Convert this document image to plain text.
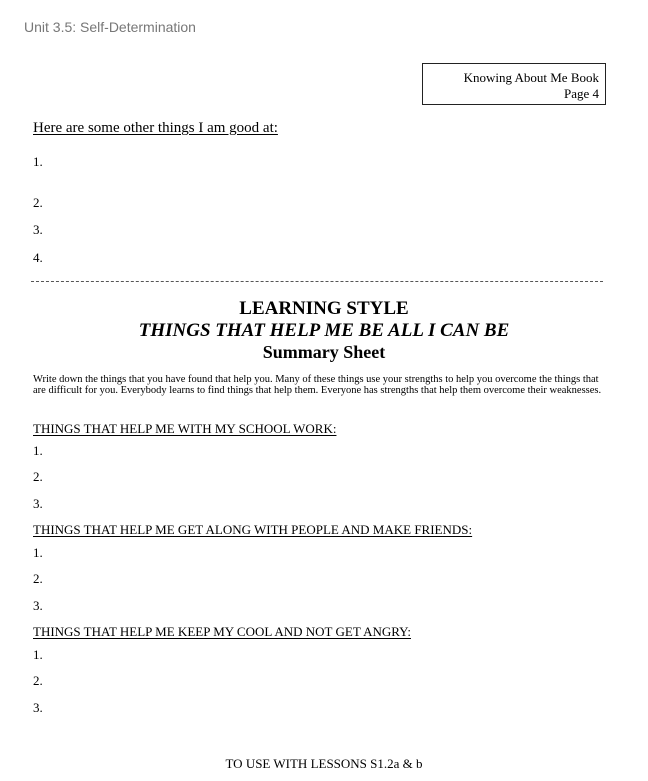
Unit 3.5: Self-Determination
Knowing About Me Book
Page 4
Here are some other things I am good at:
1.
2.
3.
4.
LEARNING STYLE
THINGS THAT HELP ME BE ALL I CAN BE
Summary Sheet
Write down the things that you have found that help you. Many of these things use your strengths to help you overcome the things that are difficult for you. Everybody learns to find things that help them. Everyone has strengths that help them overcome their weaknesses.
THINGS THAT HELP ME WITH MY SCHOOL WORK:
1.
2.
3.
THINGS THAT HELP ME GET ALONG WITH PEOPLE AND MAKE FRIENDS:
1.
2.
3.
THINGS THAT HELP ME KEEP MY COOL AND NOT GET ANGRY:
1.
2.
3.
TO USE WITH LESSONS S1.2a & b
